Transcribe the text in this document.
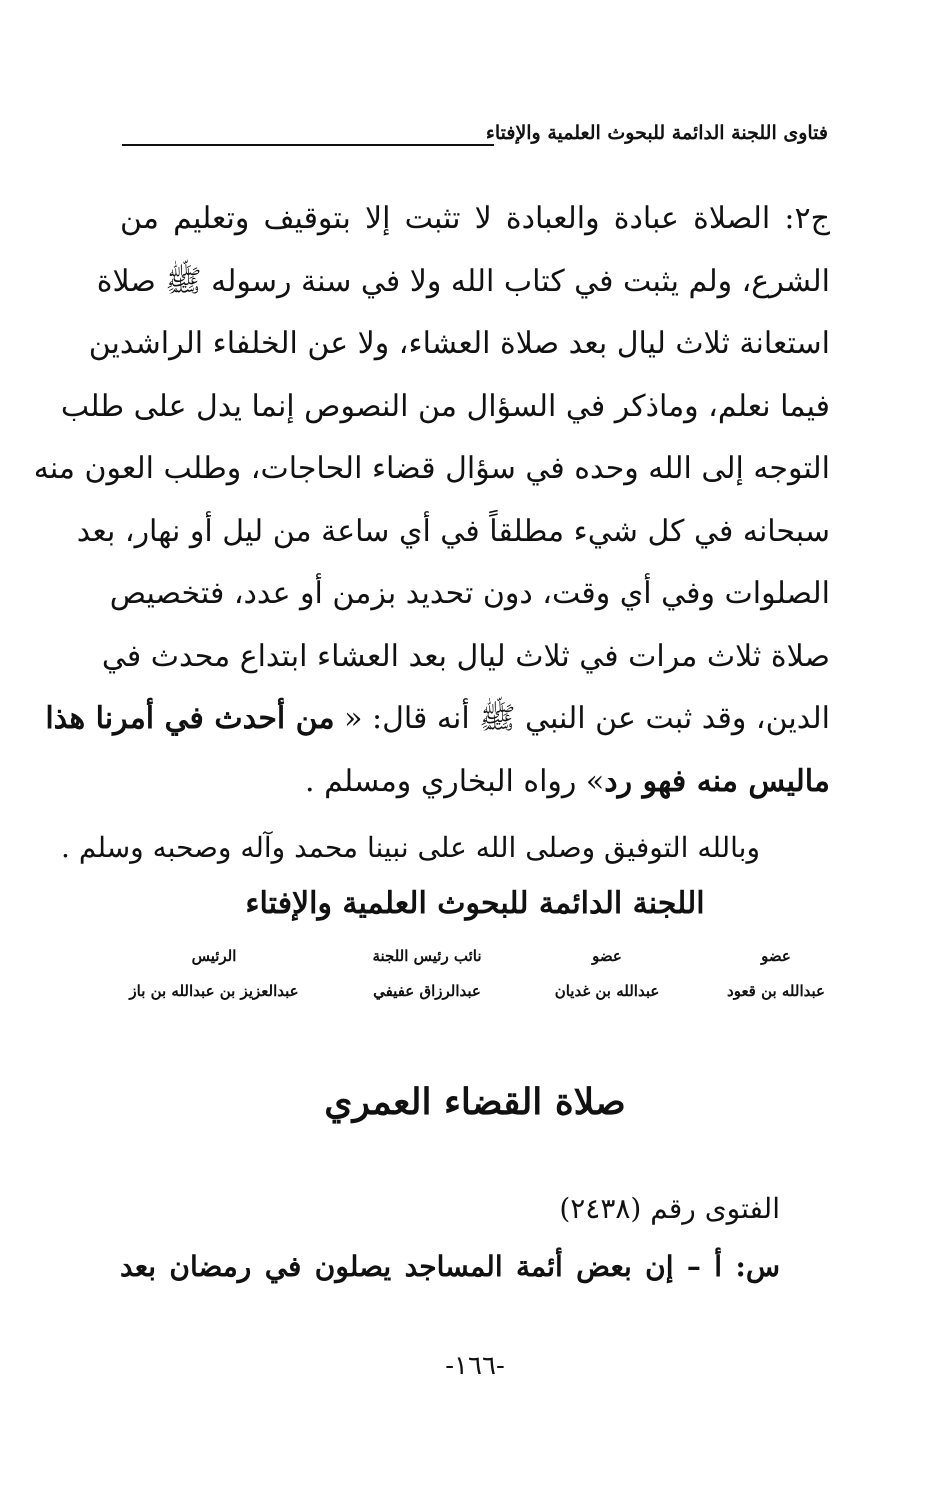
فتاوى اللجنة الدائمة للبحوث العلمية والإفتاء
ج٢: الصلاة عبادة والعبادة لا تثبت إلا بتوقيف وتعليم من
الشرع، ولم يثبت في كتاب الله ولا في سنة رسوله ﷺ صلاة
استعانة ثلاث ليال بعد صلاة العشاء، ولا عن الخلفاء الراشدين
فيما نعلم، وماذكر في السؤال من النصوص إنما يدل على طلب
التوجه إلى الله وحده في سؤال قضاء الحاجات، وطلب العون منه
سبحانه في كل شيء مطلقاً في أي ساعة من ليل أو نهار، بعد
الصلوات وفي أي وقت، دون تحديد بزمن أو عدد، فتخصيص
صلاة ثلاث مرات في ثلاث ليال بعد العشاء ابتداع محدث في
الدين، وقد ثبت عن النبي ﷺ أنه قال: « من أحدث في أمرنا هذا
ماليس منه فهو رد» رواه البخاري ومسلم .
وبالله التوفيق وصلى الله على نبينا محمد وآله وصحبه وسلم .
اللجنة الدائمة للبحوث العلمية والإفتاء
عضو
عبدالله بن قعود
عضو
عبدالله بن غديان
نائب رئيس اللجنة
عبدالرزاق عفيفي
الرئيس
عبدالعزيز بن عبدالله بن باز
صلاة القضاء العمري
الفتوى رقم (٢٤٣٨)
س: أ – إن بعض أئمة المساجد يصلون في رمضان بعد
-١٦٦-
